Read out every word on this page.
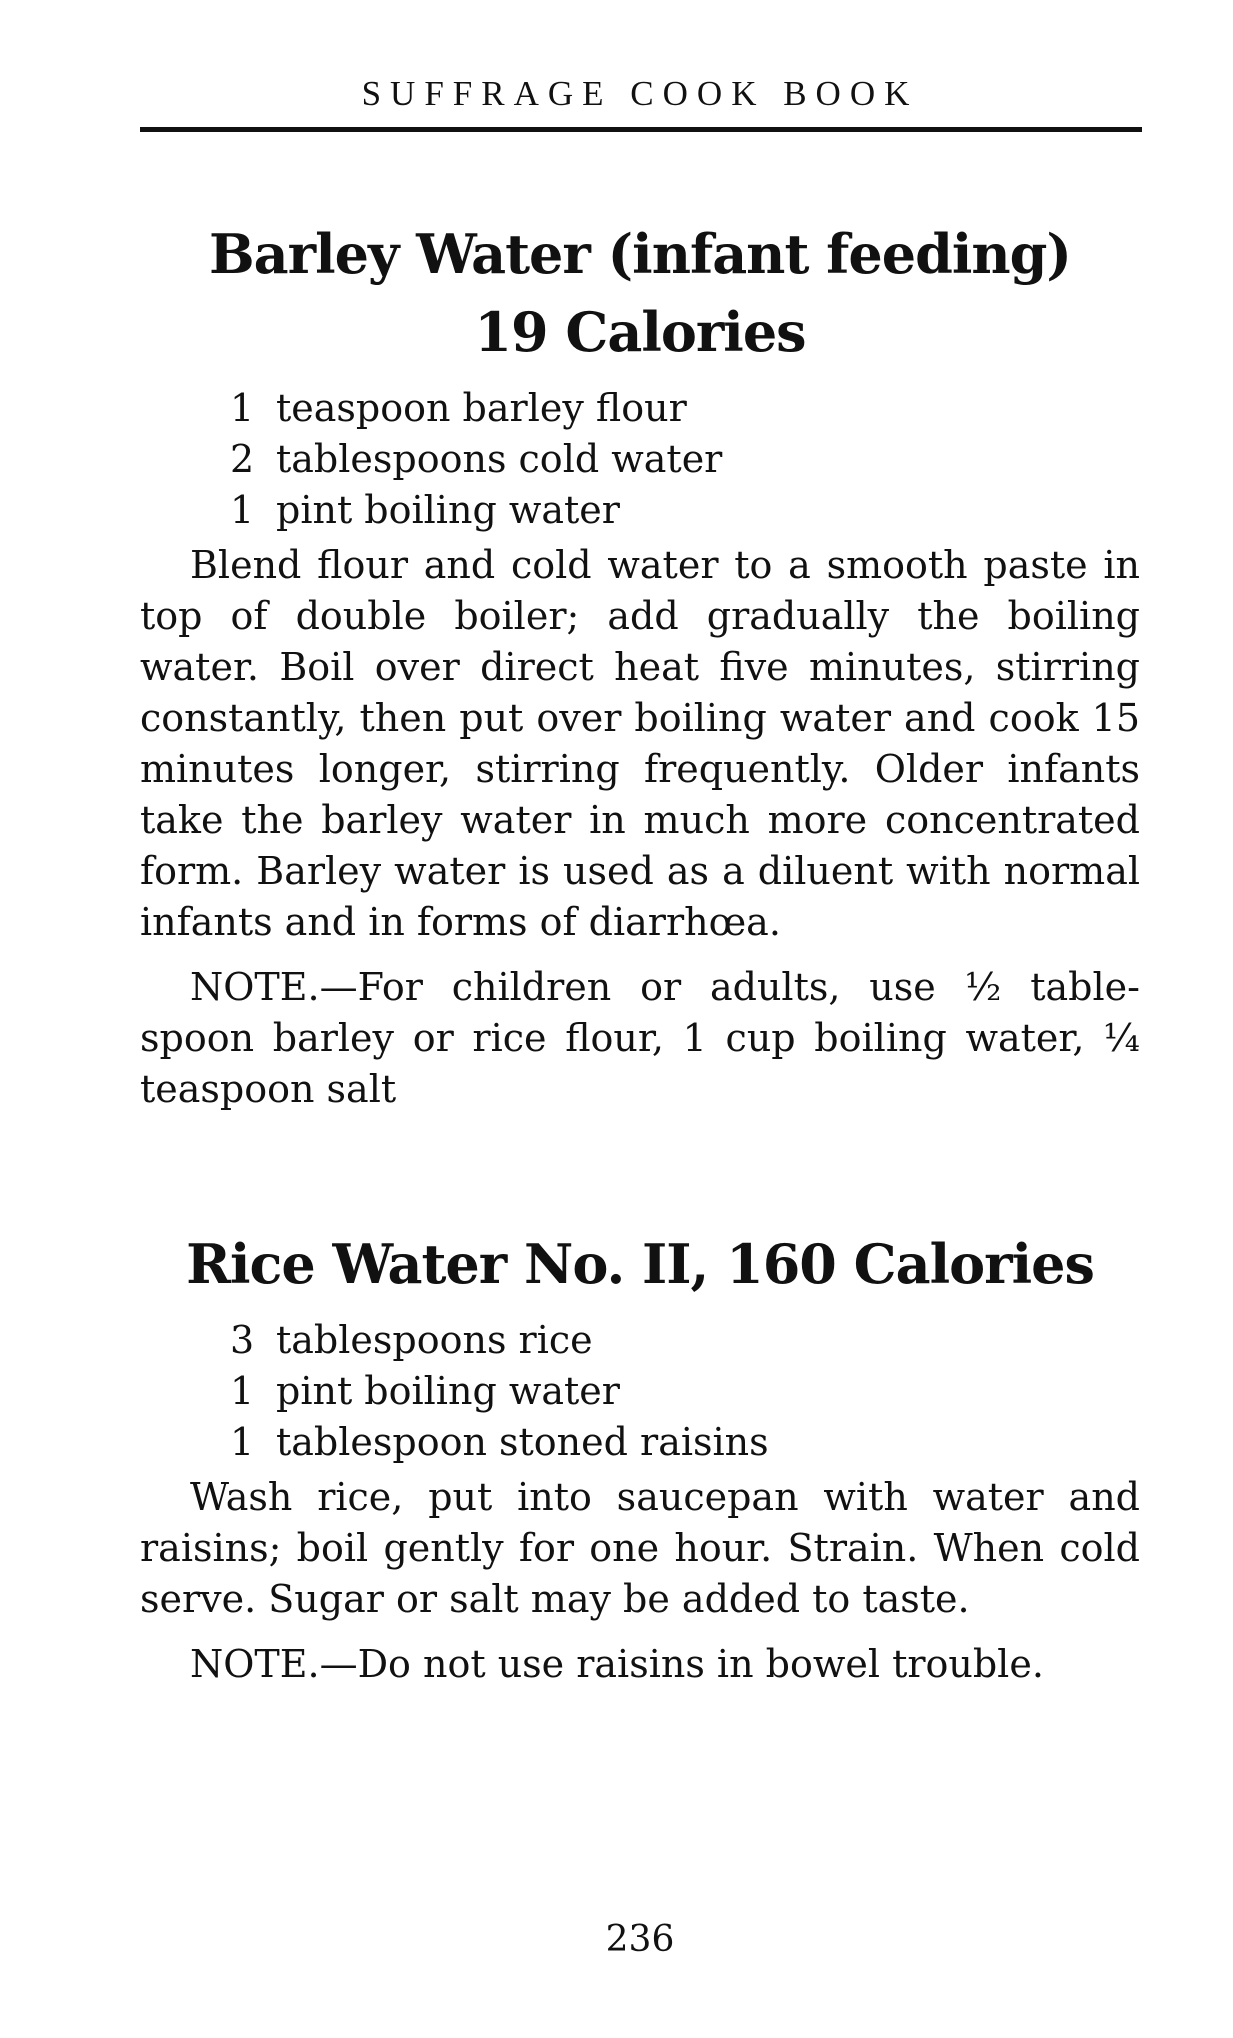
SUFFRAGE COOK BOOK
Barley Water (infant feeding)
19 Calories
1 teaspoon barley flour
2 tablespoons cold water
1 pint boiling water

Blend flour and cold water to a smooth paste in top of double boiler; add gradually the boiling water. Boil over direct heat five minutes, stirring constantly, then put over boiling water and cook 15 minutes longer, stirring frequently. Older infants take the barley water in much more concentrated form. Barley water is used as a diluent with normal infants and in forms of diarrhœa.

NOTE.—For children or adults, use ½ tablespoon barley or rice flour, 1 cup boiling water, ¼ teaspoon salt

Rice Water No. II, 160 Calories
3 tablespoons rice
1 pint boiling water
1 tablespoon stoned raisins

Wash rice, put into saucepan with water and raisins; boil gently for one hour. Strain. When cold serve. Sugar or salt may be added to taste.

NOTE.—Do not use raisins in bowel trouble.

236
